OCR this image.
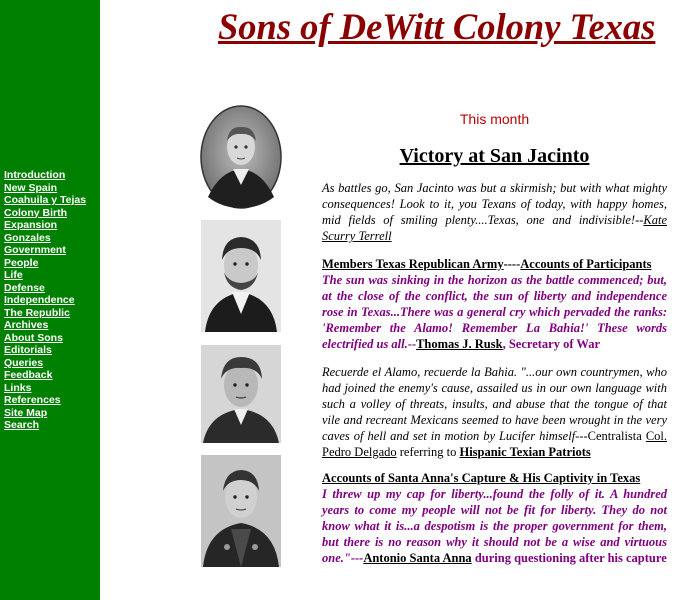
Introduction
New Spain
Coahuila y Tejas
Colony Birth
Expansion
Gonzales
Government
People
Life
Defense
Independence
The Republic
Archives
About Sons
Editorials
Queries
Feedback
Links
References
Site Map
Search
Sons of DeWitt Colony Texas
This month
Victory at San Jacinto

As battles go, San Jacinto was but a skirmish; but with what mighty consequences! Look to it, you Texans of today, with happy homes, mid fields of smiling plenty....Texas, one and indivisible!--Kate Scurry Terrell

Members Texas Republican Army----Accounts of Participants
The sun was sinking in the horizon as the battle commenced; but, at the close of the conflict, the sun of liberty and independence rose in Texas...There was a general cry which pervaded the ranks: 'Remember the Alamo! Remember La Bahia!' These words electrified us all.--Thomas J. Rusk, Secretary of War

Recuerde el Alamo, recuerde la Bahia. "...our own countrymen, who had joined the enemy's cause, assailed us in our own language with such a volley of threats, insults, and abuse that the tongue of that vile and recreant Mexicans seemed to have been wrought in the very caves of hell and set in motion by Lucifer himself---Centralista Col. Pedro Delgado referring to Hispanic Texian Patriots

Accounts of Santa Anna's Capture & His Captivity in Texas
I threw up my cap for liberty...found the folly of it. A hundred years to come my people will not be fit for liberty. They do not know what it is...a despotism is the proper government for them, but there is no reason why it should not be a wise and virtuous one."---Antonio Santa Anna during questioning after his capture
